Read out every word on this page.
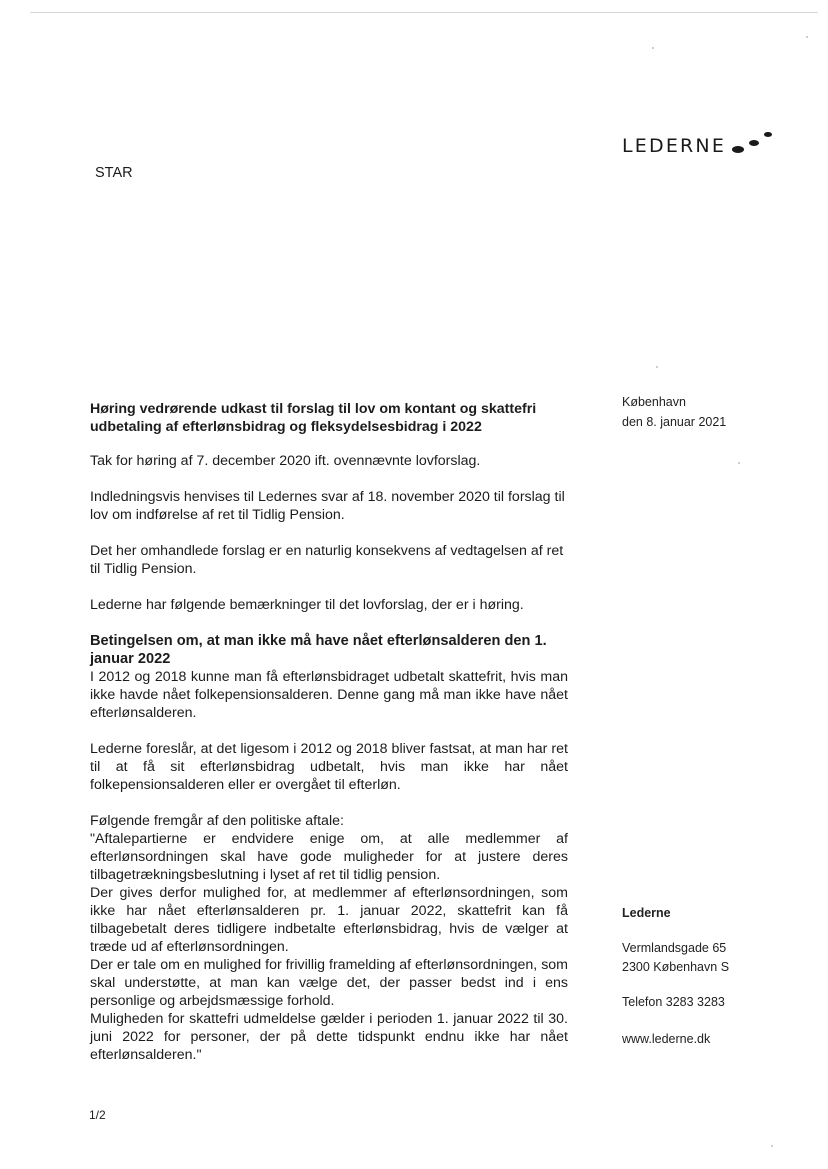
LEDERNE
STAR
København
den 8. januar 2021
Lederne
Vermlandsgade 65
2300 København S
Telefon 3283 3283
www.lederne.dk

Høring vedrørende udkast til forslag til lov om kontant og skattefri udbetaling af efterlønsbidrag og fleksydelsesbidrag i 2022

Tak for høring af 7. december 2020 ift. ovennævnte lovforslag.

Indledningsvis henvises til Ledernes svar af 18. november 2020 til forslag til lov om indførelse af ret til Tidlig Pension.

Det her omhandlede forslag er en naturlig konsekvens af vedtagelsen af ret til Tidlig Pension.

Lederne har følgende bemærkninger til det lovforslag, der er i høring.

Betingelsen om, at man ikke må have nået efterlønsalderen den 1. januar 2022

I 2012 og 2018 kunne man få efterlønsbidraget udbetalt skattefrit, hvis man ikke havde nået folkepensionsalderen. Denne gang må man ikke have nået efterlønsalderen.

Lederne foreslår, at det ligesom i 2012 og 2018 bliver fastsat, at man har ret til at få sit efterlønsbidrag udbetalt, hvis man ikke har nået folkepensionsalderen eller er overgået til efterløn.

Følgende fremgår af den politiske aftale:

"Aftalepartierne er endvidere enige om, at alle medlemmer af efterlønsordningen skal have gode muligheder for at justere deres tilbagetrækningsbeslutning i lyset af ret til tidlig pension.

Der gives derfor mulighed for, at medlemmer af efterlønsordningen, som ikke har nået efterlønsalderen pr. 1. januar 2022, skattefrit kan få tilbagebetalt deres tidligere indbetalte efterlønsbidrag, hvis de vælger at træde ud af efterlønsordningen.

Der er tale om en mulighed for frivillig framelding af efterlønsordningen, som skal understøtte, at man kan vælge det, der passer bedst ind i ens personlige og arbejdsmæssige forhold.

Muligheden for skattefri udmeldelse gælder i perioden 1. januar 2022 til 30. juni 2022 for personer, der på dette tidspunkt endnu ikke har nået efterlønsalderen."

1/2
